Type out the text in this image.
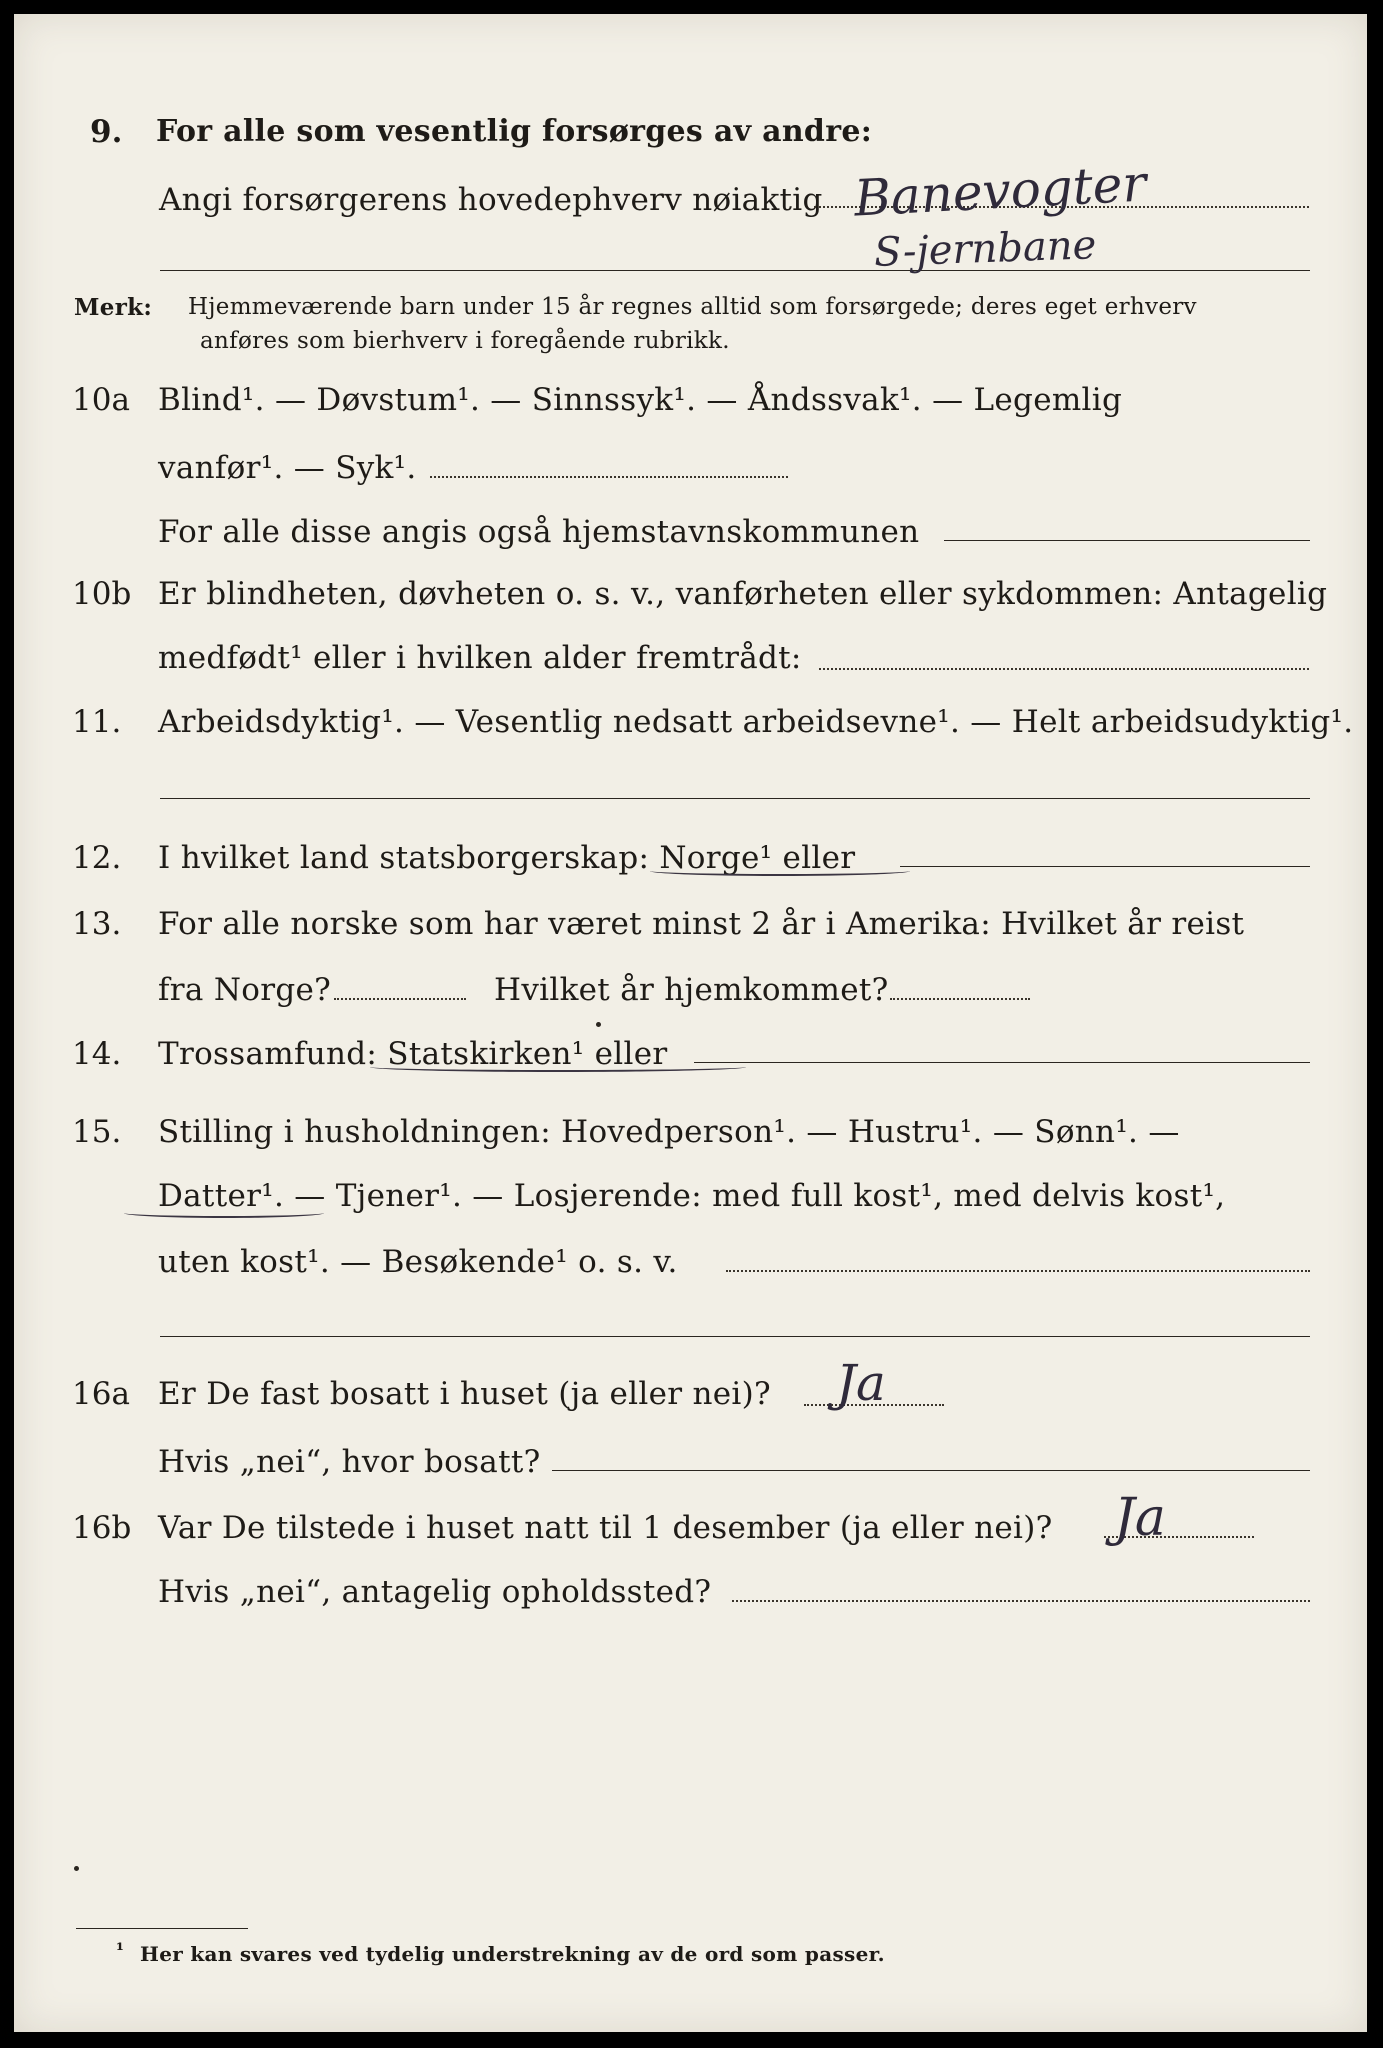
9. For alle som vesentlig forsørges av andre:
Angi forsørgerens hovedерhverv nøiaktig Banevogter
S-jernbane
Merk: Hjemmeværende barn under 15 år regnes alltid som forsørgede; deres eget erhverv
anføres som bierhverv i foregående rubrikk.
10a Blind¹. — Døvstum¹. — Sinnssyk¹. — Åndssvak¹. — Legemlig
vanfør¹. — Syk¹.
For alle disse angis også hjemstavnskommunen
10b Er blindheten, døvheten o. s. v., vanførheten eller sykdommen: Antagelig
medfødt¹ eller i hvilken alder fremtrådt:
11. Arbeidsdyktig¹. — Vesentlig nedsatt arbeidsevne¹. — Helt arbeidsudyktig¹.
12. I hvilket land statsborgerskap: Norge¹ eller
13. For alle norske som har været minst 2 år i Amerika: Hvilket år reist
fra Norge?	Hvilket år hjemkommet?
14. Trossamfund: Statskirken¹ eller
15. Stilling i husholdningen: Hovedperson¹. — Hustru¹. — Sønn¹. —
Datter¹. — Tjener¹. — Losjerende: med full kost¹, med delvis kost¹,
uten kost¹. — Besøkende¹ o. s. v.
16a Er De fast bosatt i huset (ja eller nei)? Ja
Hvis „nei“, hvor bosatt?
16b Var De tilstede i huset natt til 1 desember (ja eller nei)? Ja
Hvis „nei“, antagelig opholdssted?
¹ Her kan svares ved tydelig understrekning av de ord som passer.
